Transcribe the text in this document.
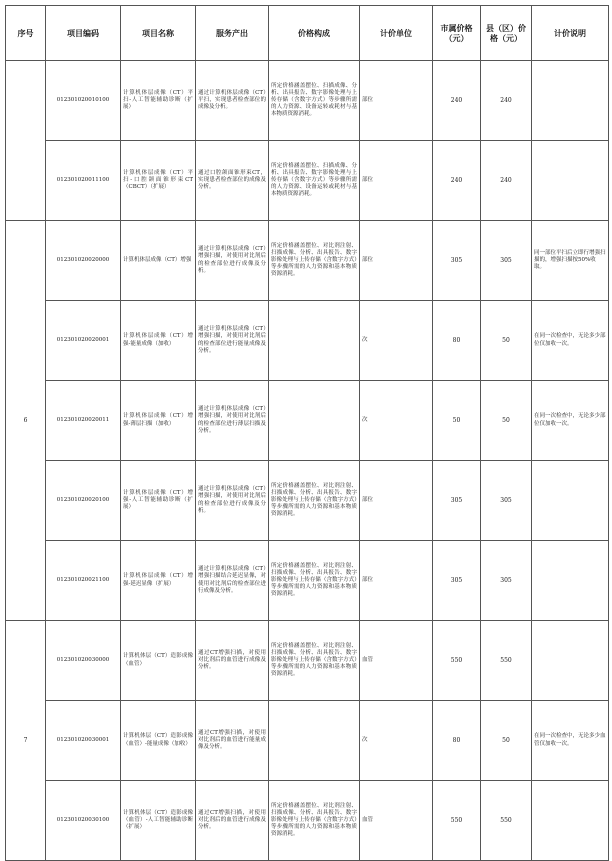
序号	项目编码	项目名称	服务产出	价格构成	计价单位	市属价格（元）	县（区）价格（元）	计价说明
	012301020010100	计算机体层成像（CT）平扫-人工智能辅助诊断（扩展）	通过计算机体层成像（CT）平扫，实现患者检查部位的成像及分析。	所定价格涵盖摆位、扫描成像、分析、出具报告、数字影像处理与上传存储（含数字方式）等步骤所需的人力资源、设备运转或耗材与基本物质资源消耗。	部位	240	240	
	012301020011100	计算机体层成像（CT）平扫-口腔颌面锥形束CT（CBCT）（扩展）	通过口腔颌面锥形束CT，实现患者检查部位的成像及分析。	所定价格涵盖摆位、扫描成像、分析、出具报告、数字影像处理与上传存储（含数字方式）等步骤所需的人力资源、设备运转或耗材与基本物质资源消耗。	部位	240	240	
6	012301020020000	计算机体层成像（CT）增强	通过计算机体层成像（CT）增强扫描，对使用对比剂后的检查部位进行成像及分析。	所定价格涵盖摆位、对比剂注射、扫描成像、分析、出具报告、数字影像处理与上传存储（含数字方式）等步骤所需的人力资源和基本物质资源消耗。	部位	305	305	同一部位平扫后立即行增强扫描的，增强扫描按50%收取。
	012301020020001	计算机体层成像（CT）增强-能量成像（加收）	通过计算机体层成像（CT）增强扫描，对使用对比剂后的检查部位进行能量成像及分析。		次	80	50	在同一次检查中，无论多少部位仅加收一次。
	012301020020011	计算机体层成像（CT）增强-薄层扫描（加收）	通过计算机体层成像（CT）增强扫描，对使用对比剂后的检查部位进行薄层扫描及分析。		次	50	50	在同一次检查中，无论多少部位仅加收一次。
	012301020020100	计算机体层成像（CT）增强-人工智能辅助诊断（扩展）	通过计算机体层成像（CT）增强扫描，对使用对比剂后的检查部位进行成像及分析。	所定价格涵盖摆位、对比剂注射、扫描成像、分析、出具报告、数字影像处理与上传存储（含数字方式）等步骤所需的人力资源和基本物质资源消耗。	部位	305	305	
	012301020021100	计算机体层成像（CT）增强-延迟显像（扩展）	通过计算机体层成像（CT）增强扫描结合延迟显像，对使用对比剂后的检查部位进行成像及分析。	所定价格涵盖摆位、对比剂注射、扫描成像、分析、出具报告、数字影像处理与上传存储（含数字方式）等步骤所需的人力资源和基本物质资源消耗。	部位	305	305	
7	012301020030000	计算机体层（CT）造影成像（血管）	通过CT增强扫描，对使用对比剂后的血管进行成像及分析。	所定价格涵盖摆位、对比剂注射、扫描成像、分析、出具报告、数字影像处理与上传存储（含数字方式）等步骤所需的人力资源和基本物质资源消耗。	血管	550	550	
	012301020030001	计算机体层（CT）造影成像（血管）-能量成像（加收）	通过CT增强扫描，对使用对比剂后的血管进行能量成像及分析。		次	80	50	在同一次检查中，无论多少血管仅加收一次。
	012301020030100	计算机体层（CT）造影成像（血管）-人工智能辅助诊断（扩展）	通过CT增强扫描，对使用对比剂后的血管进行成像及分析。	所定价格涵盖摆位、对比剂注射、扫描成像、分析、出具报告、数字影像处理与上传存储（含数字方式）等步骤所需的人力资源和基本物质资源消耗。	血管	550	550	
